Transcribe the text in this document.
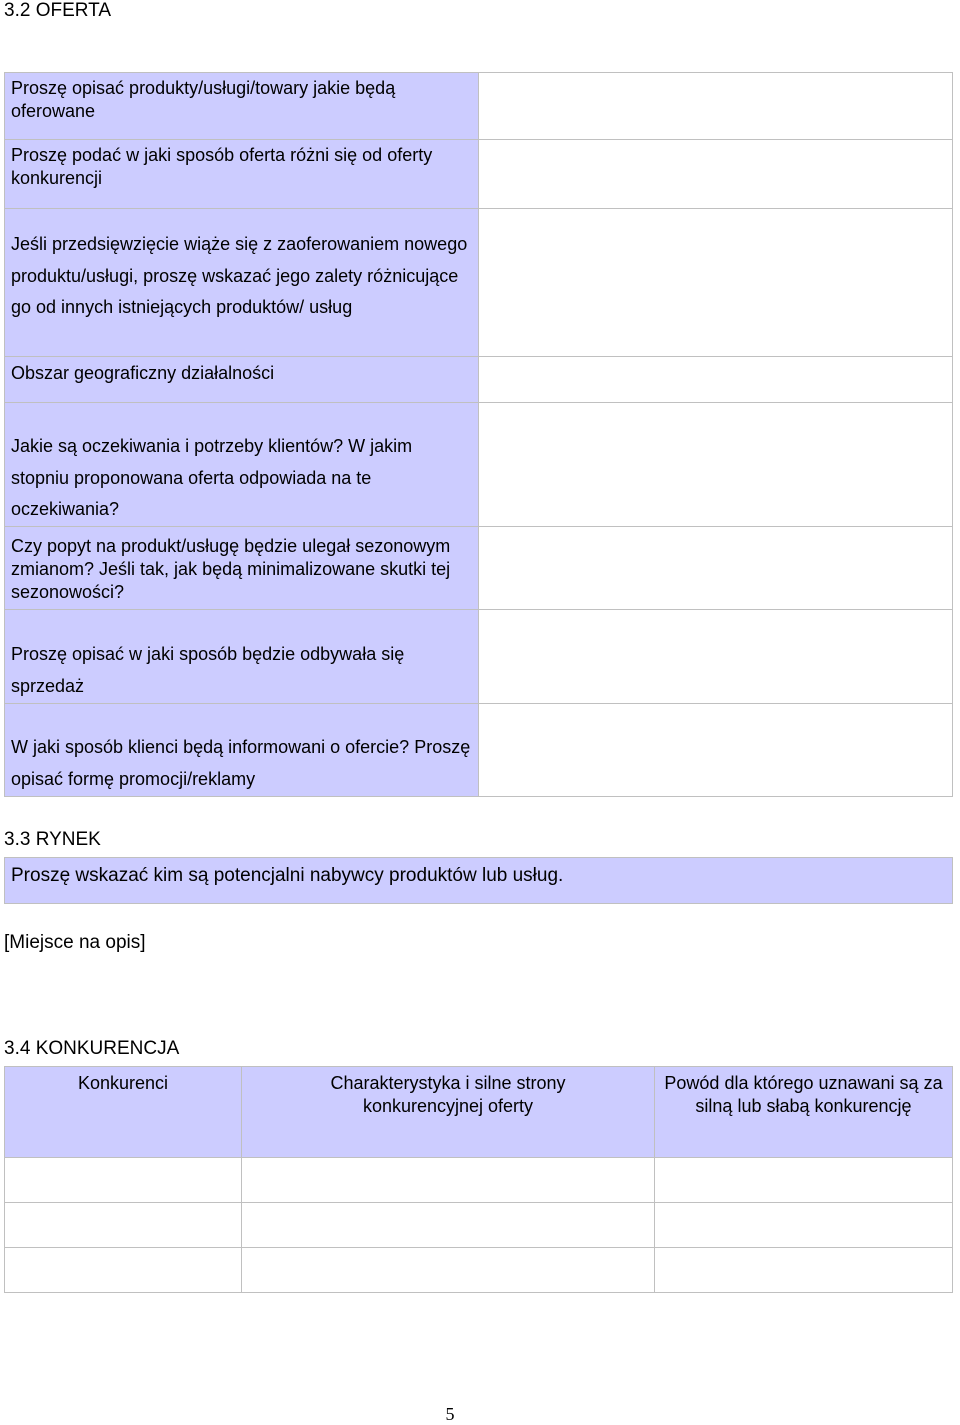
3.2 OFERTA
Proszę opisać produkty/usługi/towary jakie będą oferowane
Proszę podać w jaki sposób oferta różni się od oferty konkurencji
Jeśli przedsięwzięcie wiąże się z zaoferowaniem nowego produktu/usługi, proszę wskazać jego zalety różnicujące go od innych istniejących produktów/ usług
Obszar geograficzny działalności
Jakie są oczekiwania i potrzeby klientów? W jakim stopniu proponowana oferta odpowiada na te oczekiwania?
Czy popyt na produkt/usługę będzie ulegał sezonowym zmianom? Jeśli tak, jak będą minimalizowane skutki tej sezonowości?
Proszę opisać w jaki sposób będzie odbywała się sprzedaż
W jaki sposób klienci będą informowani o ofercie? Proszę opisać formę promocji/reklamy
3.3 RYNEK
Proszę wskazać kim są potencjalni nabywcy produktów lub usług.
[Miejsce na opis]
3.4 KONKURENCJA
Konkurenci	Charakterystyka i silne strony konkurencyjnej oferty
Powód dla którego uznawani są za silną lub słabą konkurencję
5
